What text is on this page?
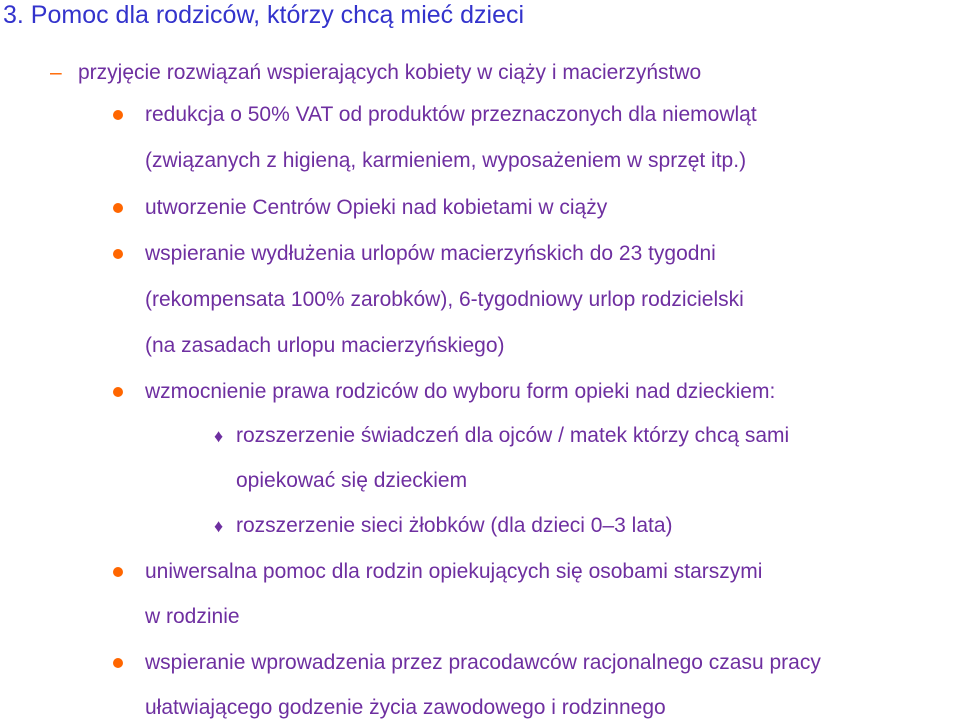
3. Pomoc dla rodziców, którzy chcą mieć dzieci
– przyjęcie rozwiązań wspierających kobiety w ciąży i macierzyństwo
redukcja o 50% VAT od produktów przeznaczonych dla niemowląt
(związanych z higieną, karmieniem, wyposażeniem w sprzęt itp.)
utworzenie Centrów Opieki nad kobietami w ciąży
wspieranie wydłużenia urlopów macierzyńskich do 23 tygodni
(rekompensata 100% zarobków), 6-tygodniowy urlop rodzicielski
(na zasadach urlopu macierzyńskiego)
wzmocnienie prawa rodziców do wyboru form opieki nad dzieckiem:
♦ rozszerzenie świadczeń dla ojców / matek którzy chcą sami
opiekować się dzieckiem
♦ rozszerzenie sieci żłobków (dla dzieci 0–3 lata)
uniwersalna pomoc dla rodzin opiekujących się osobami starszymi
w rodzinie
wspieranie wprowadzenia przez pracodawców racjonalnego czasu pracy
ułatwiającego godzenie życia zawodowego i rodzinnego
